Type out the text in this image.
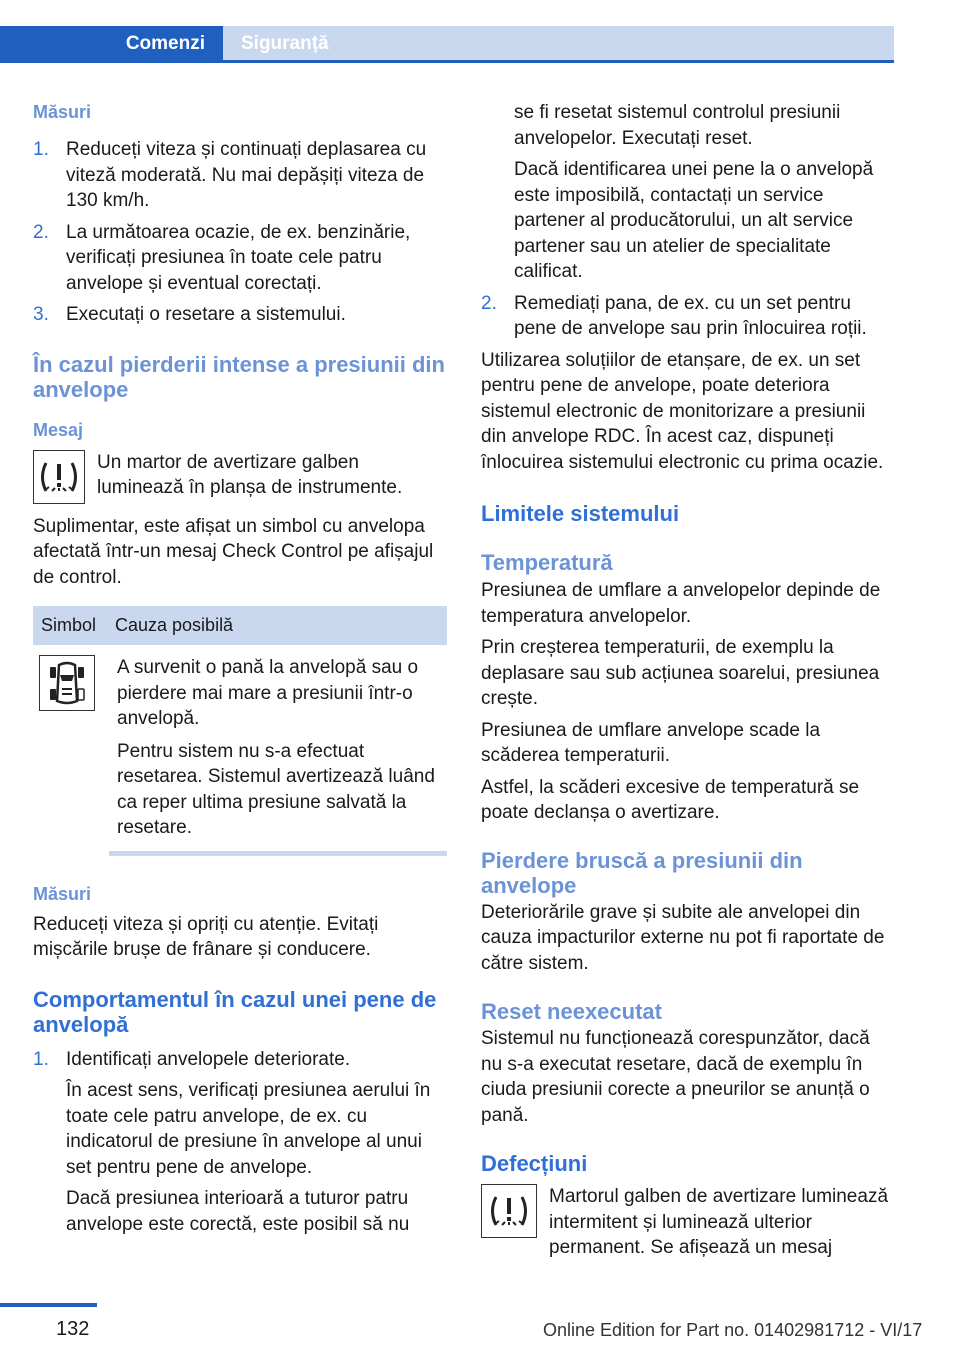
Comenzi	Siguranță
Măsuri
1. Reduceți viteza și continuați deplasarea cu viteză moderată. Nu mai depășiți viteza de 130 km/h.
2. La următoarea ocazie, de ex. benzinărie, verificați presiunea în toate cele patru anvelope și eventual corectați.
3. Executați o resetare a sistemului.
În cazul pierderii intense a presiunii din anvelope
Mesaj
Un martor de avertizare galben luminează în planșa de instrumente.

Suplimentar, este afișat un simbol cu anvelopa afectată într-un mesaj Check Control pe afișajul de control.

Simbol	Cauza posibilă

A survenit o pană la anvelopă sau o pierdere mai mare a presiunii într-o anvelopă.

Pentru sistem nu s-a efectuat resetarea. Sistemul avertizează luând ca reper ultima presiune salvată la resetare.

Măsuri

Reduceți viteza și opriți cu atenție. Evitați mișcările brușe de frânare și conducere.

Comportamentul în cazul unei pene de anvelopă
1. Identificați anvelopele deteriorate.

În acest sens, verificați presiunea aerului în toate cele patru anvelope, de ex. cu indicatorul de presiune în anvelope al unui set pentru pene de anvelope.

Dacă presiunea interioară a tuturor patru anvelope este corectă, este posibil să nu

se fi resetat sistemul controlul presiunii anvelopelor. Executați reset.

Dacă identificarea unei pene la o anvelopă este imposibilă, contactați un service partener al producătorului, un alt service partener sau un atelier de specialitate calificat.

2. Remediați pana, de ex. cu un set pentru pene de anvelope sau prin înlocuirea roții.

Utilizarea soluțiilor de etanșare, de ex. un set pentru pene de anvelope, poate deteriora sistemul electronic de monitorizare a presiunii din anvelope RDC. În acest caz, dispuneți înlocuirea sistemului electronic cu prima ocazie.

Limitele sistemului
Temperatură

Presiunea de umflare a anvelopelor depinde de temperatura anvelopelor.

Prin creșterea temperaturii, de exemplu la deplasare sau sub acțiunea soarelui, presiunea crește.

Presiunea de umflare anvelope scade la scăderea temperaturii.

Astfel, la scăderi excesive de temperatură se poate declanșa o avertizare.

Pierdere bruscă a presiunii din anvelope

Deteriorările grave și subite ale anvelopei din cauza impacturilor externe nu pot fi raportate de către sistem.

Reset neexecutat

Sistemul nu funcționează corespunzător, dacă nu s-a executat resetare, dacă de exemplu în ciuda presiunii corecte a pneurilor se anunță o pană.

Defecțiuni
Martorul galben de avertizare luminează intermitent și luminează ulterior permanent. Se afișează un mesaj
132	Online Edition for Part no. 01402981712 - VI/17
